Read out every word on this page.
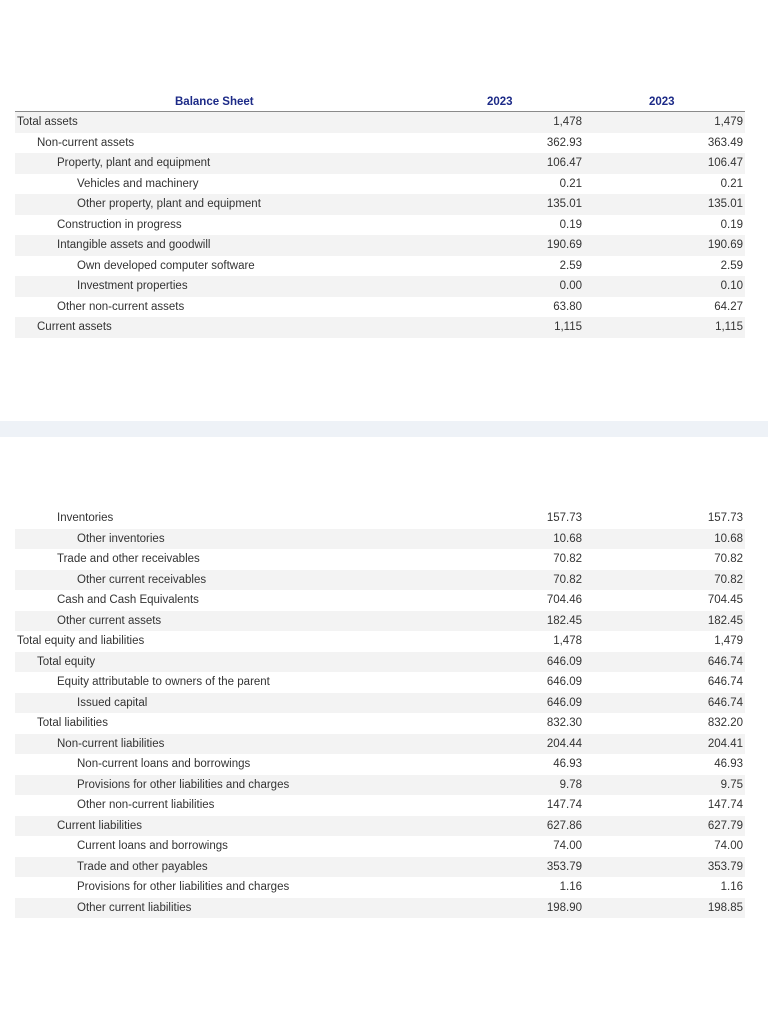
Balance Sheet	2023	2023
Total assets	1,478	1,479
Non-current assets	362.93	363.49
Property, plant and equipment	106.47	106.47
Vehicles and machinery	0.21	0.21
Other property, plant and equipment	135.01	135.01
Construction in progress	0.19	0.19
Intangible assets and goodwill	190.69	190.69
Own developed computer software	2.59	2.59
Investment properties	0.00	0.10
Other non-current assets	63.80	64.27
Current assets	1,115	1,115
Inventories	157.73	157.73
Other inventories	10.68	10.68
Trade and other receivables	70.82	70.82
Other current receivables	70.82	70.82
Cash and Cash Equivalents	704.46	704.45
Other current assets	182.45	182.45
Total equity and liabilities	1,478	1,479
Total equity	646.09	646.74
Equity attributable to owners of the parent	646.09	646.74
Issued capital	646.09	646.74
Total liabilities	832.30	832.20
Non-current liabilities	204.44	204.41
Non-current loans and borrowings	46.93	46.93
Provisions for other liabilities and charges	9.78	9.75
Other non-current liabilities	147.74	147.74
Current liabilities	627.86	627.79
Current loans and borrowings	74.00	74.00
Trade and other payables	353.79	353.79
Provisions for other liabilities and charges	1.16	1.16
Other current liabilities	198.90	198.85
